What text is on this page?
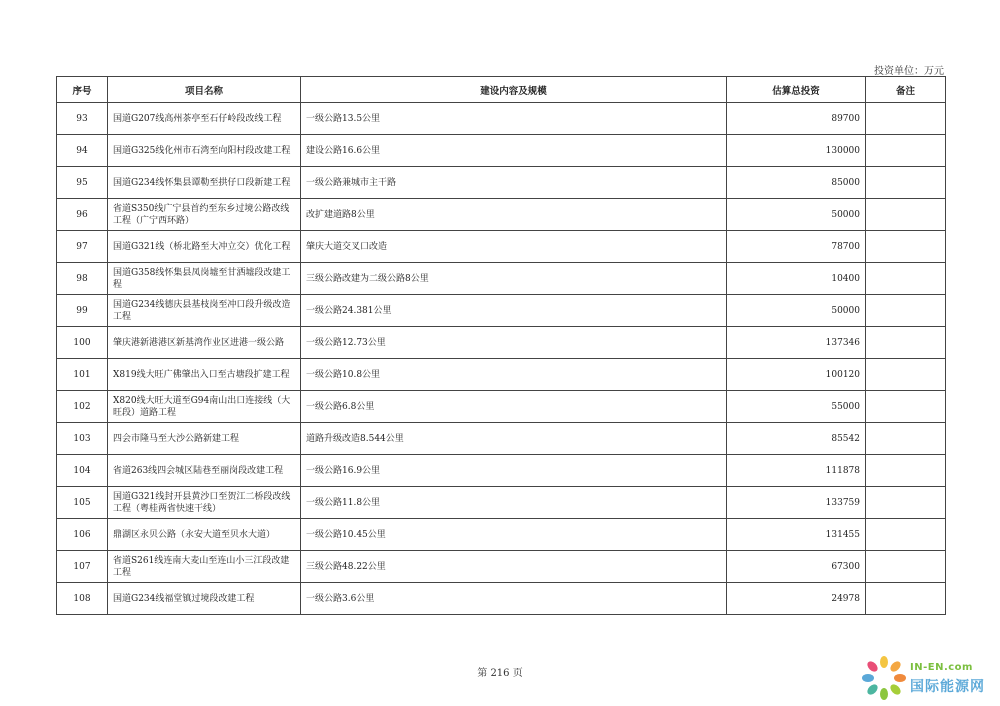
投资单位：万元
序号	项目名称	建设内容及规模	估算总投资	备注
93	国道G207线高州茶亭至石仔岭段改线工程	一级公路13.5公里	89700	
94	国道G325线化州市石湾至向阳村段改建工程	建设公路16.6公里	130000	
95	国道G234线怀集县谭勒至拱仔口段新建工程	一级公路兼城市主干路	85000	
96	省道S350线广宁县首约至东乡过境公路改线工程（广宁西环路）	改扩建道路8公里	50000	
97	国道G321线（桥北路至大冲立交）优化工程	肇庆大道交叉口改造	78700	
98	国道G358线怀集县凤岗墟至甘洒墟段改建工程	三级公路改建为二级公路8公里	10400	
99	国道G234线德庆县基枝岗至冲口段升级改造工程	一级公路24.381公里	50000	
100	肇庆港新港港区新基湾作业区进港一级公路	一级公路12.73公里	137346	
101	X819线大旺广佛肇出入口至古塘段扩建工程	一级公路10.8公里	100120	
102	X820线大旺大道至G94南山出口连接线（大旺段）道路工程	一级公路6.8公里	55000	
103	四会市隆马至大沙公路新建工程	道路升级改造8.544公里	85542	
104	省道263线四会城区陆巷至丽岗段改建工程	一级公路16.9公里	111878	
105	国道G321线封开县黄沙口至贺江二桥段改线工程（粤桂两省快速干线）	一级公路11.8公里	133759	
106	鼎湖区永贝公路（永安大道至贝水大道）	一级公路10.45公里	131455	
107	省道S261线连南大麦山至连山小三江段改建工程	三级公路48.22公里	67300	
108	国道G234线福堂镇过境段改建工程	一级公路3.6公里	24978	
第 216 页
IN-EN.com
国际能源网
